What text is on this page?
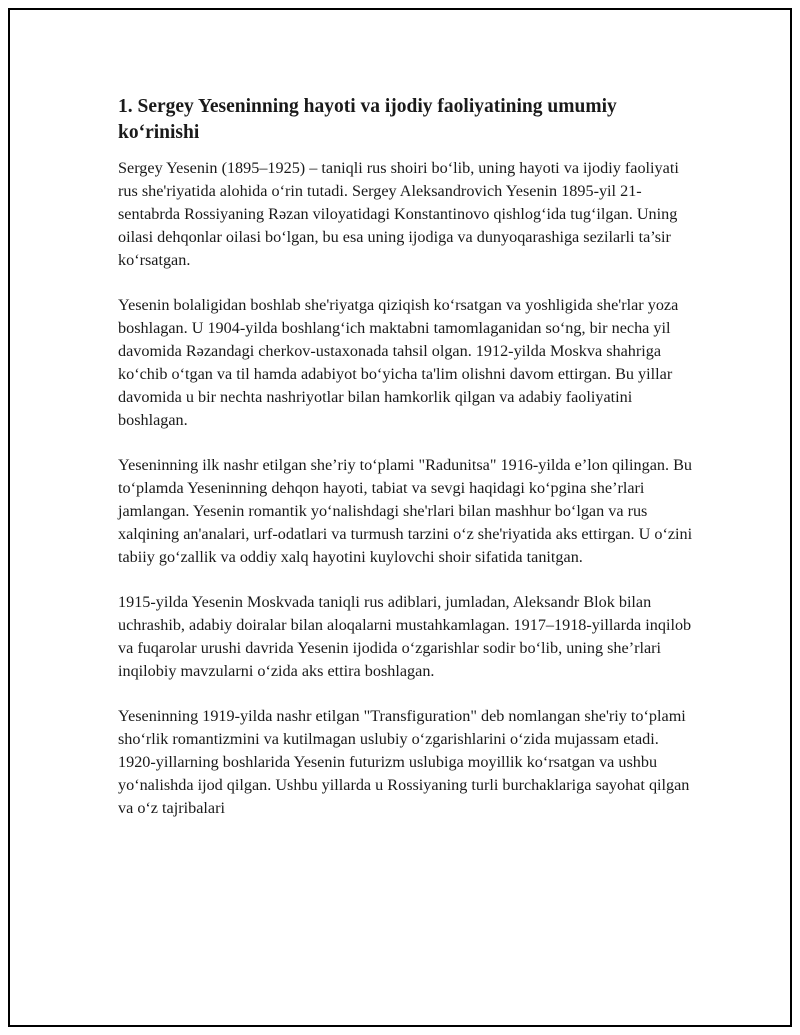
1. Sergey Yeseninning hayoti va ijodiy faoliyatining umumiy ko‘rinishi

Sergey Yesenin (1895–1925) – taniqli rus shoiri bo‘lib, uning hayoti va ijodiy faoliyati rus she'riyatida alohida o‘rin tutadi. Sergey Aleksandrovich Yesenin 1895-yil 21-sentabrda Rossiyaning Rəzan viloyatidagi Konstantinovo qishlog‘ida tug‘ilgan. Uning oilasi dehqonlar oilasi bo‘lgan, bu esa uning ijodiga va dunyoqarashiga sezilarli ta’sir ko‘rsatgan.

Yesenin bolaligidan boshlab she'riyatga qiziqish ko‘rsatgan va yoshligida she'rlar yoza boshlagan. U 1904-yilda boshlang‘ich maktabni tamomlaganidan so‘ng, bir necha yil davomida Rəzandagi cherkov-ustaxonada tahsil olgan. 1912-yilda Moskva shahriga ko‘chib o‘tgan va til hamda adabiyot bo‘yicha ta'lim olishni davom ettirgan. Bu yillar davomida u bir nechta nashriyotlar bilan hamkorlik qilgan va adabiy faoliyatini boshlagan.

Yeseninning ilk nashr etilgan she’riy to‘plami "Radunitsa" 1916-yilda e’lon qilingan. Bu to‘plamda Yeseninning dehqon hayoti, tabiat va sevgi haqidagi ko‘pgina she’rlari jamlangan. Yesenin romantik yo‘nalishdagi she'rlari bilan mashhur bo‘lgan va rus xalqining an'analari, urf-odatlari va turmush tarzini o‘z she'riyatida aks ettirgan. U o‘zini tabiiy go‘zallik va oddiy xalq hayotini kuylovchi shoir sifatida tanitgan.

1915-yilda Yesenin Moskvada taniqli rus adiblari, jumladan, Aleksandr Blok bilan uchrashib, adabiy doiralar bilan aloqalarni mustahkamlagan. 1917–1918-yillarda inqilob va fuqarolar urushi davrida Yesenin ijodida o‘zgarishlar sodir bo‘lib, uning she’rlari inqilobiy mavzularni o‘zida aks ettira boshlagan.

Yeseninning 1919-yilda nashr etilgan "Transfiguration" deb nomlangan she'riy to‘plami sho‘rlik romantizmini va kutilmagan uslubiy o‘zgarishlarini o‘zida mujassam etadi. 1920-yillarning boshlarida Yesenin futurizm uslubiga moyillik ko‘rsatgan va ushbu yo‘nalishda ijod qilgan. Ushbu yillarda u Rossiyaning turli burchaklariga sayohat qilgan va o‘z tajribalari
